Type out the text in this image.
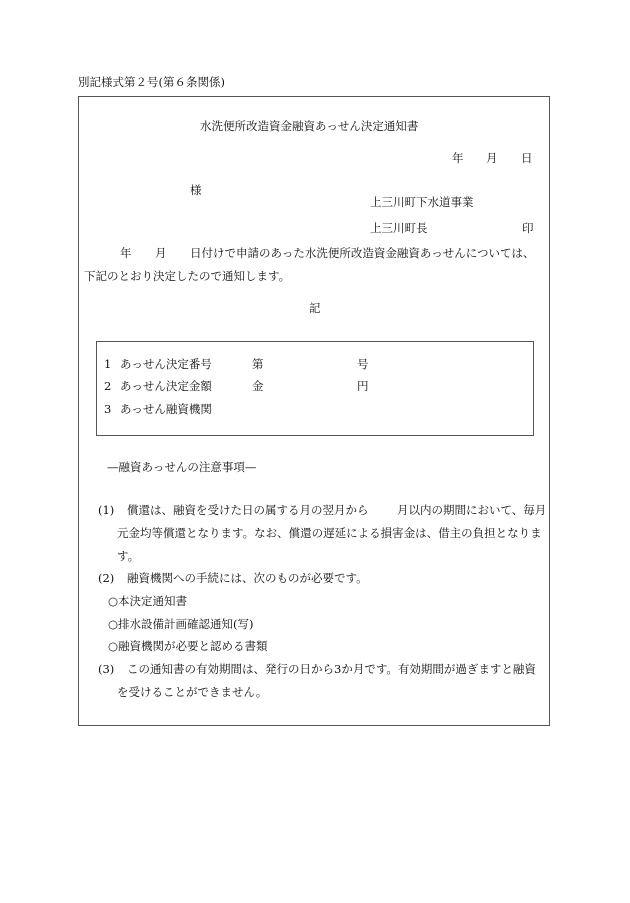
別記様式第２号(第６条関係)
水洗便所改造資金融資あっせん決定通知書
年 月 日
様
上三川町下水道事業
上三川町長	印
年 月 日付けで申請のあった水洗便所改造資金融資あっせんについては、
下記のとおり決定したので通知します。
記
1 あっせん決定番号	第	号
2 あっせん決定金額	金	円
3 あっせん融資機関
—融資あっせんの注意事項—
(1) 償還は、融資を受けた日の属する月の翌月から 月以内の期間において、毎月
元金均等償還となります。なお、償還の遅延による損害金は、借主の負担となりま
す。
(2) 融資機関への手続には、次のものが必要です。
○本決定通知書
○排水設備計画確認通知(写)
○融資機関が必要と認める書類
(3) この通知書の有効期間は、発行の日から3か月です。有効期間が過ぎますと融資
を受けることができません。
